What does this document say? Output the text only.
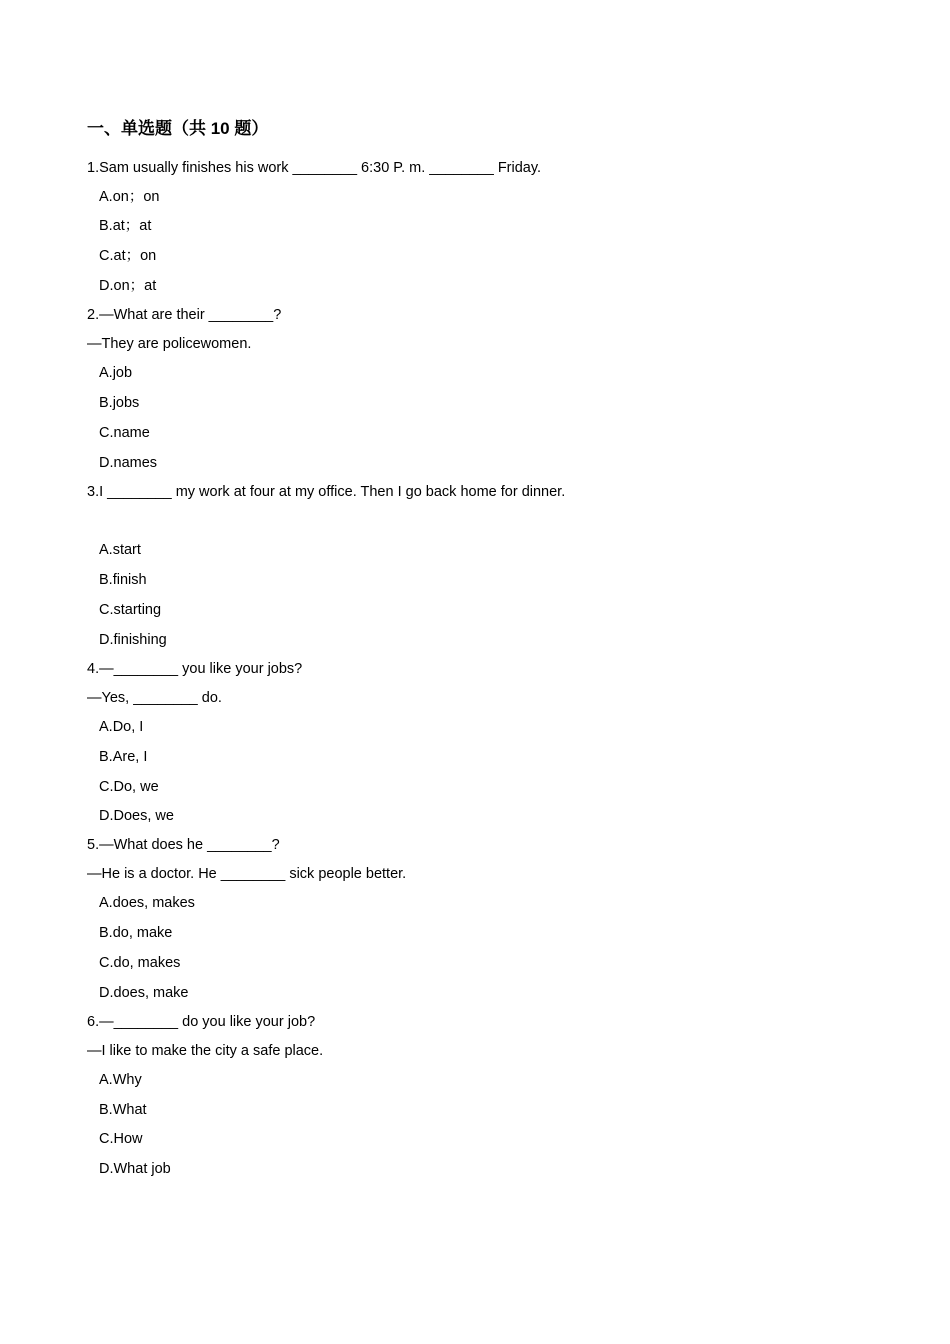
一、单选题（共 10 题）
1.Sam usually finishes his work ________ 6:30 P. m. ________ Friday.
A.on；on
B.at；at
C.at；on
D.on；at
2.—What are their ________?
—They are policewomen.
A.job
B.jobs
C.name
D.names
3.I ________ my work at four at my office. Then I go back home for dinner.
A.start
B.finish
C.starting
D.finishing
4.—________ you like your jobs?
—Yes, ________ do.
A.Do, I
B.Are, I
C.Do, we
D.Does, we
5.—What does he ________?
—He is a doctor. He ________ sick people better.
A.does, makes
B.do, make
C.do, makes
D.does, make
6.—________ do you like your job?
—I like to make the city a safe place.
A.Why
B.What
C.How
D.What job
